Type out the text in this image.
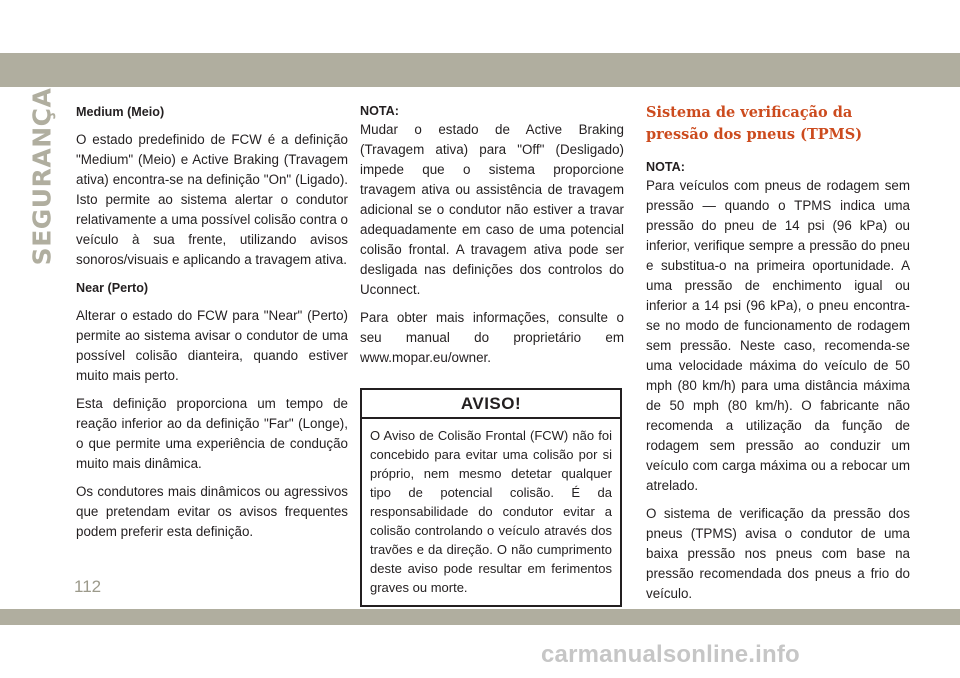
SEGURANÇA Medium (Meio)

O estado predefinido de FCW é a definição "Medium" (Meio) e Active Braking (Travagem ativa) encontra-se na definição "On" (Ligado). Isto permite ao sistema alertar o condutor relativamente a uma possível colisão contra o veículo à sua frente, utilizando avisos sonoros/visuais e aplicando a travagem ativa.

Near (Perto)

Alterar o estado do FCW para "Near" (Perto) permite ao sistema avisar o condutor de uma possível colisão dianteira, quando estiver muito mais perto.

Esta definição proporciona um tempo de reação inferior ao da definição "Far" (Longe), o que permite uma experiência de condução muito mais dinâmica.

Os condutores mais dinâmicos ou agressivos que pretendam evitar os avisos frequentes podem preferir esta definição.

NOTA:

Mudar o estado de Active Braking (Travagem ativa) para "Off" (Desligado) impede que o sistema proporcione travagem ativa ou assistência de travagem adicional se o condutor não estiver a travar adequadamente em caso de uma potencial colisão frontal. A travagem ativa pode ser desligada nas definições dos controlos do Uconnect.

Para obter mais informações, consulte o seu manual do proprietário em www.mopar.eu/owner.

AVISO!
O Aviso de Colisão Frontal (FCW) não foi concebido para evitar uma colisão por si próprio, nem mesmo detetar qualquer tipo de potencial colisão. É da responsabilidade do condutor evitar a colisão controlando o veículo através dos travões e da direção. O não cumprimento deste aviso pode resultar em ferimentos graves ou morte.

Sistema de verificação da pressão dos pneus (TPMS)

NOTA:

Para veículos com pneus de rodagem sem pressão — quando o TPMS indica uma pressão do pneu de 14 psi (96 kPa) ou inferior, verifique sempre a pressão do pneu e substitua-o na primeira oportunidade. A uma pressão de enchimento igual ou inferior a 14 psi (96 kPa), o pneu encontra-se no modo de funcionamento de rodagem sem pressão. Neste caso, recomenda-se uma velocidade máxima do veículo de 50 mph (80 km/h) para uma distância máxima de 50 mph (80 km/h). O fabricante não recomenda a utilização da função de rodagem sem pressão ao conduzir um veículo com carga máxima ou a rebocar um atrelado.

O sistema de verificação da pressão dos pneus (TPMS) avisa o condutor de uma baixa pressão nos pneus com base na pressão recomendada dos pneus a frio do veículo.

112
carmanualsonline.info
